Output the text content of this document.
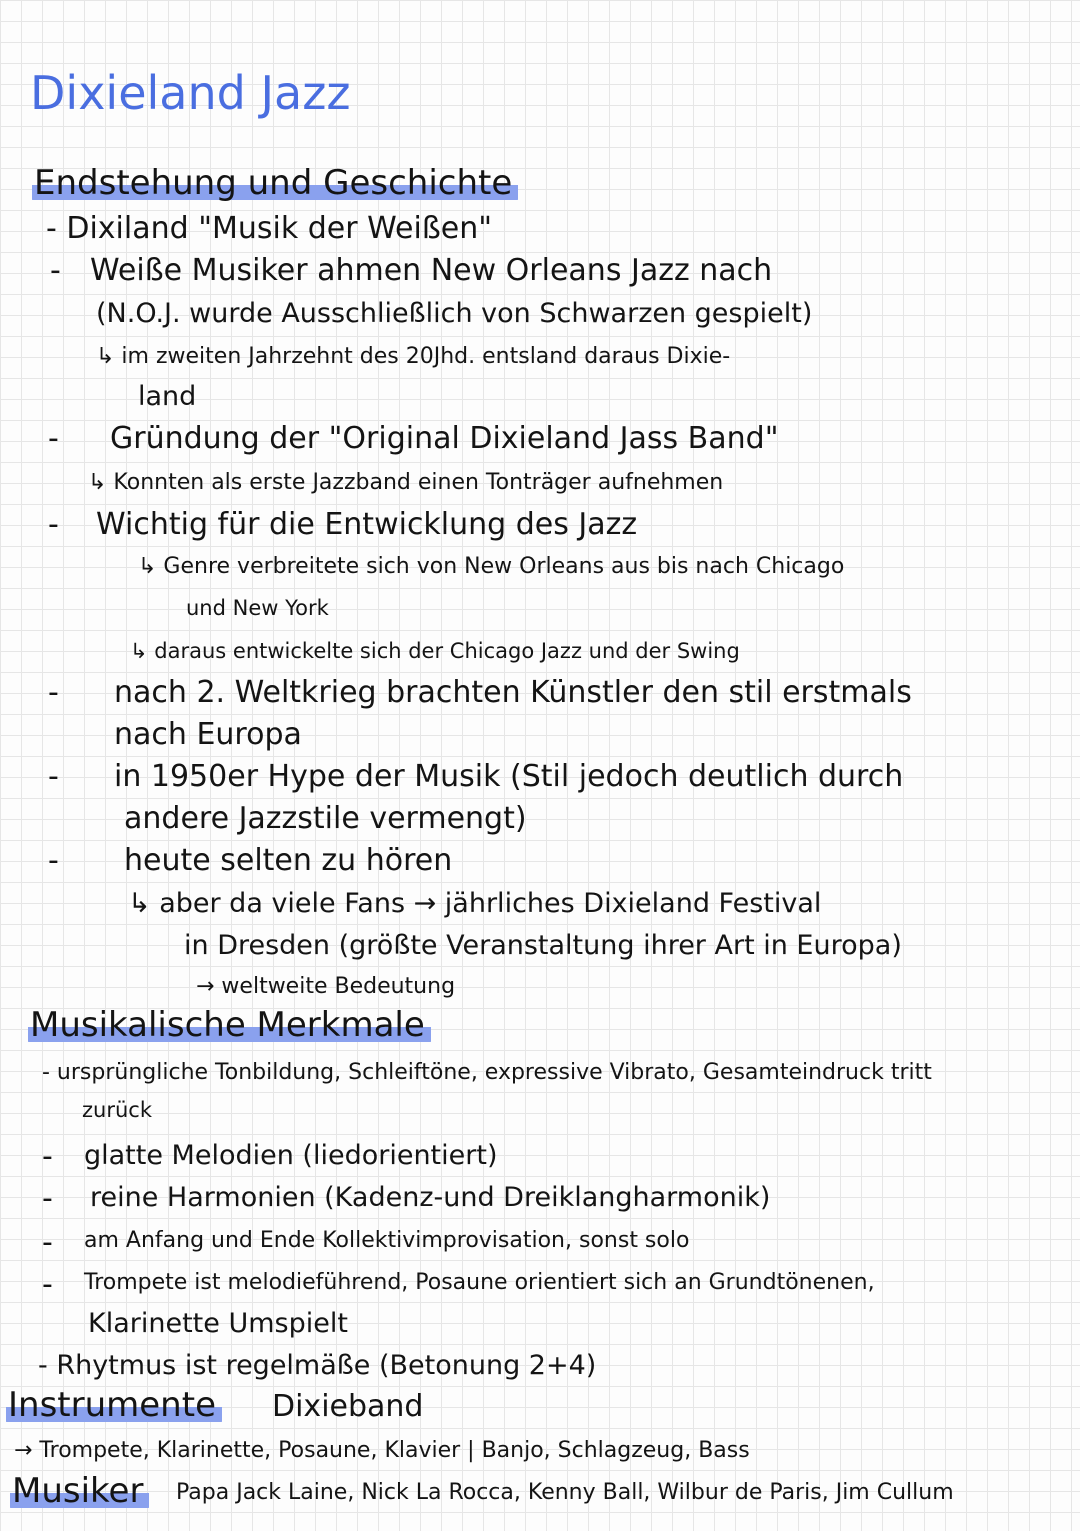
Dixieland Jazz
Endstehung und Geschichte
- Dixiland "Musik der Weißen"
- Weiße Musiker ahmen New Orleans Jazz nach
(N.O.J. wurde Ausschließlich von Schwarzen gespielt)
↳ im zweiten Jahrzehnt des 20Jhd. entsland daraus Dixie-
land
- Gründung der "Original Dixieland Jass Band"
↳ Konnten als erste Jazzband einen Tonträger aufnehmen
- Wichtig für die Entwicklung des Jazz
↳ Genre verbreitete sich von New Orleans aus bis nach Chicago
und New York
↳ daraus entwickelte sich der Chicago Jazz und der Swing
- nach 2. Weltkrieg brachten Künstler den stil erstmals
nach Europa
- in 1950er Hype der Musik (Stil jedoch deutlich durch
andere Jazzstile vermengt)
- heute selten zu hören
↳ aber da viele Fans → jährliches Dixieland Festival
in Dresden (größte Veranstaltung ihrer Art in Europa)
→ weltweite Bedeutung
Musikalische Merkmale
- ursprüngliche Tonbildung, Schleiftöne, expressive Vibrato, Gesamteindruck tritt
zurück
- glatte Melodien (liedorientiert)
- reine Harmonien (Kadenz-und Dreiklangharmonik)
- am Anfang und Ende Kollektivimprovisation, sonst solo
- Trompete ist melodieführend, Posaune orientiert sich an Grundtönenen,
Klarinette Umspielt
- Rhytmus ist regelmäße (Betonung 2+4)
Instrumente Dixieband
→ Trompete, Klarinette, Posaune, Klavier | Banjo, Schlagzeug, Bass
Musiker Papa Jack Laine, Nick La Rocca, Kenny Ball, Wilbur de Paris, Jim Cullum
